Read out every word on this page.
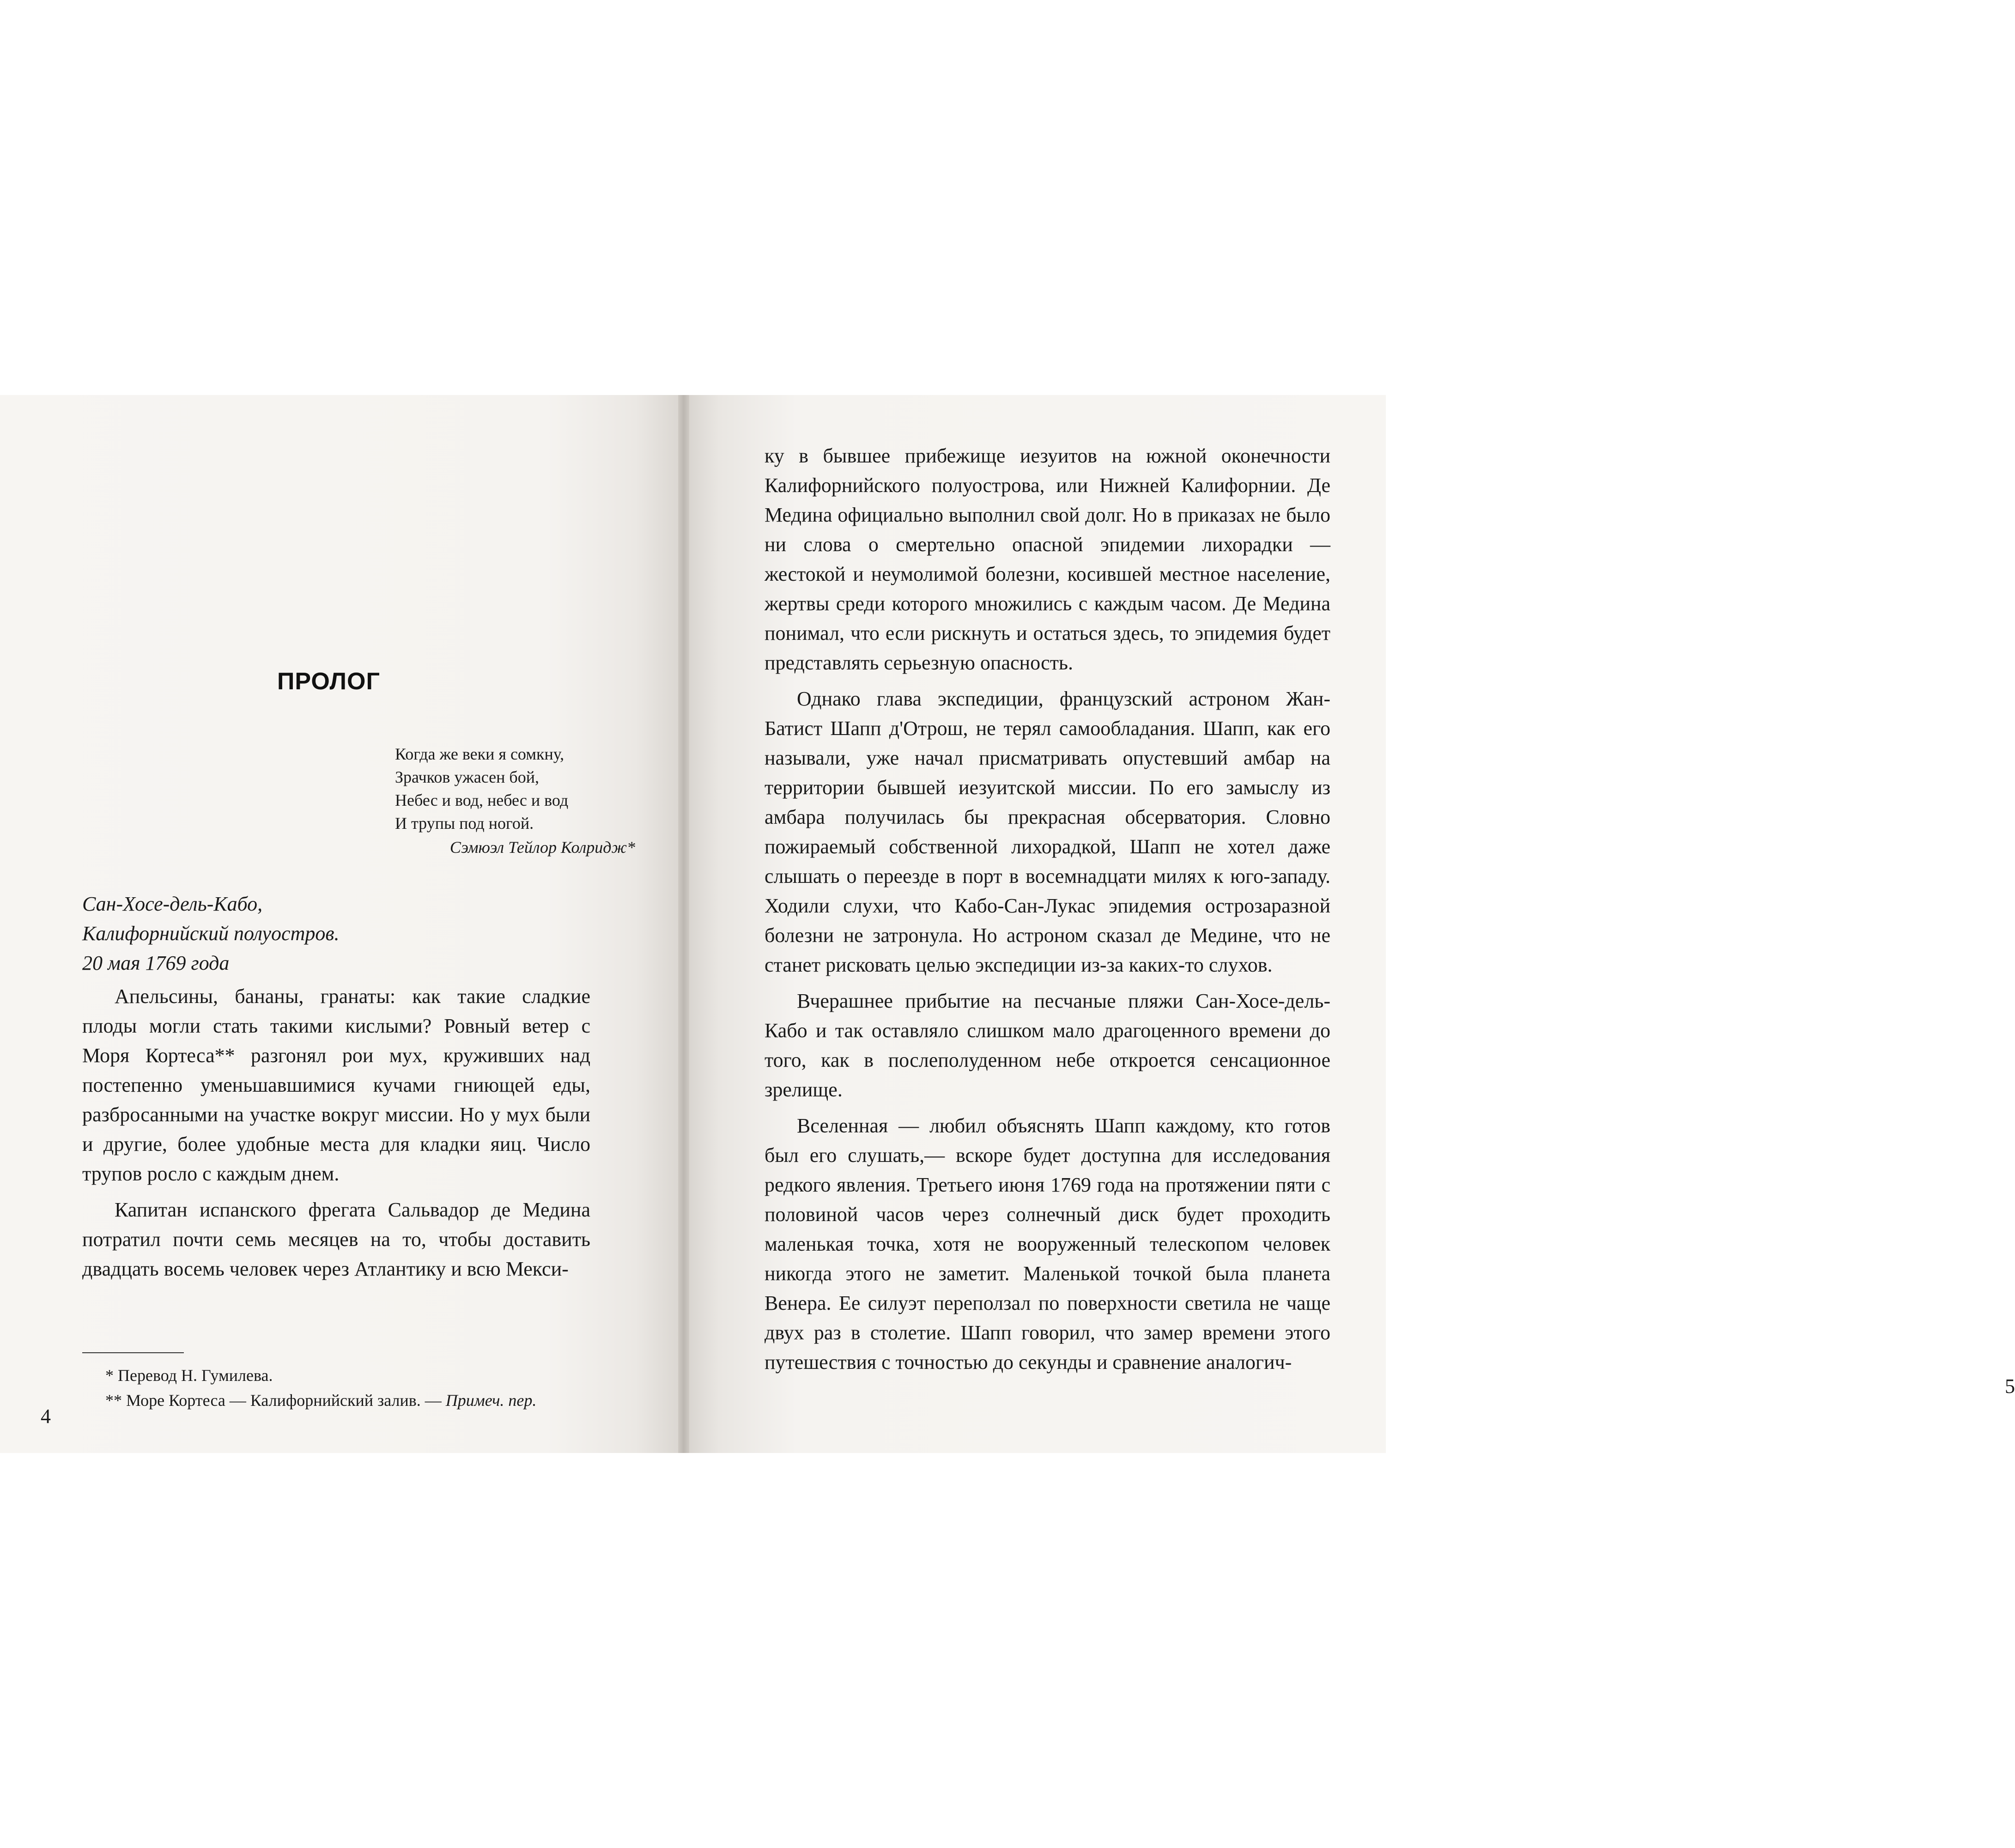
ПРОЛОГ
Когда же веки я сомкну,
Зрачков ужасен бой,
Небес и вод, небес и вод
И трупы под ногой.
Сэмюэл Тейлор Колридж*
Сан-Хосе-дель-Кабо,
Калифорнийский полуостров.
20 мая 1769 года

Апельсины, бананы, гранаты: как такие сладкие плоды могли стать такими кислыми? Ровный ветер с Моря Кортеса** разгонял рои мух, круживших над постепенно уменьшавшимися кучами гниющей еды, разбросанными на участке вокруг миссии. Но у мух были и другие, более удобные места для кладки яиц. Число трупов росло с каждым днем.

Капитан испанского фрегата Сальвадор де Медина потратил почти семь месяцев на то, чтобы доставить двадцать восемь человек через Атлантику и всю Мекси-

* Перевод Н. Гумилева.
** Море Кортеса — Калифорнийский залив. — Примеч. пер.
4
5

ку в бывшее прибежище иезуитов на южной оконечности Калифорнийского полуострова, или Нижней Калифорнии. Де Медина официально выполнил свой долг. Но в приказах не было ни слова о смертельно опасной эпидемии лихорадки — жестокой и неумолимой болезни, косившей местное население, жертвы среди которого множились с каждым часом. Де Медина понимал, что если рискнуть и остаться здесь, то эпидемия будет представлять серьезную опасность.

Однако глава экспедиции, французский астроном Жан-Батист Шапп д'Отрош, не терял самообладания. Шапп, как его называли, уже начал присматривать опустевший амбар на территории бывшей иезуитской миссии. По его замыслу из амбара получилась бы прекрасная обсерватория. Словно пожираемый собственной лихорадкой, Шапп не хотел даже слышать о переезде в порт в восемнадцати милях к юго-западу. Ходили слухи, что Кабо-Сан-Лукас эпидемия острозаразной болезни не затронула. Но астроном сказал де Медине, что не станет рисковать целью экспедиции из-за каких-то слухов.

Вчерашнее прибытие на песчаные пляжи Сан-Хосе-дель-Кабо и так оставляло слишком мало драгоценного времени до того, как в послеполуденном небе откроется сенсационное зрелище.

Вселенная — любил объяснять Шапп каждому, кто готов был его слушать,— вскоре будет доступна для исследования редкого явления. Третьего июня 1769 года на протяжении пяти с половиной часов через солнечный диск будет проходить маленькая точка, хотя не вооруженный телескопом человек никогда этого не заметит. Маленькой точкой была планета Венера. Ее силуэт переползал по поверхности светила не чаще двух раз в столетие. Шапп говорил, что замер времени этого путешествия с точностью до секунды и сравнение аналогич-
